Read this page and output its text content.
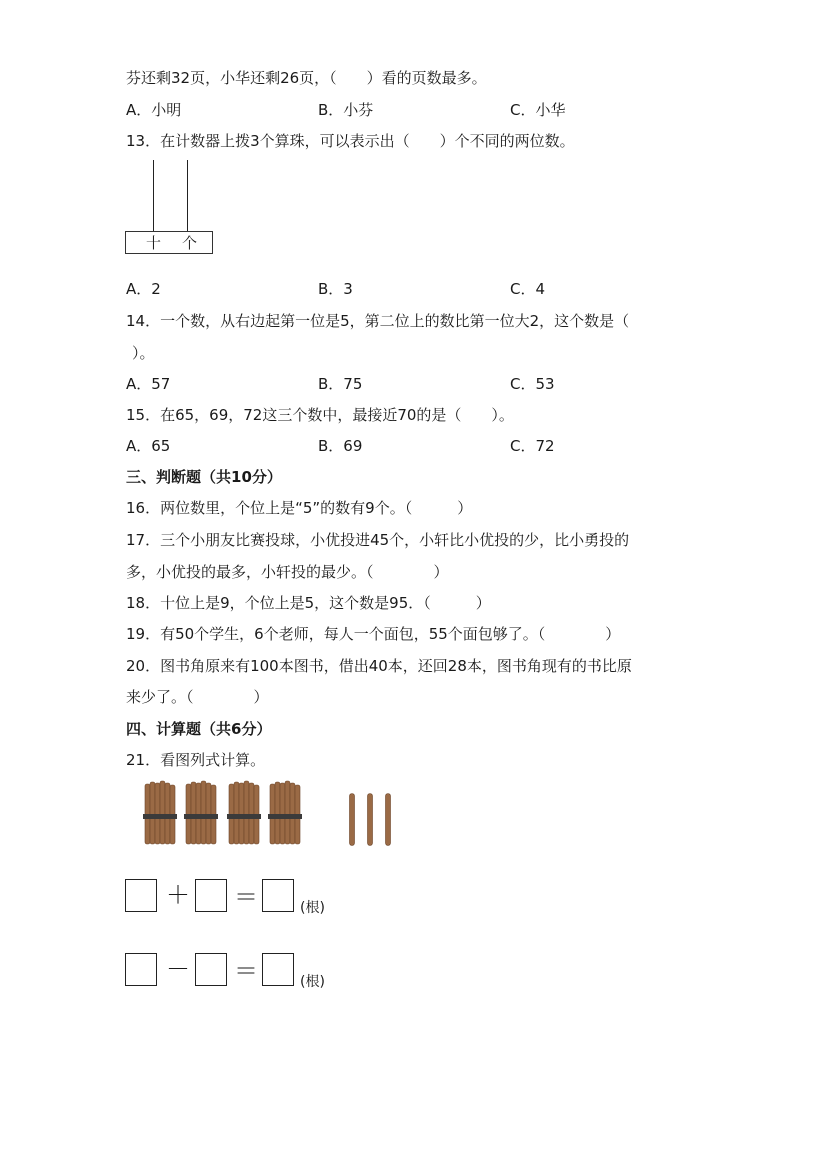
芬还剩32页，小华还剩26页，（　　）看的页数最多。
A．小明	B．小芬	C．小华
13．在计数器上拨3个算珠，可以表示出（　　）个不同的两位数。
十 个
A．2	B．3	C．4
14．一个数，从右边起第一位是5，第二位上的数比第一位大2，这个数是（
）。
A．57	B．75	C．53
15．在65，69，72这三个数中，最接近70的是（　　）。
A．65	B．69	C．72
三、判断题（共10分）
16．两位数里，个位上是“5”的数有9个。（　　　）
17．三个小朋友比赛投球，小优投进45个，小轩比小优投的少，比小勇投的
多，小优投的最多，小轩投的最少。（　　　　）
18．十位上是9，个位上是5，这个数是95．（　　　）
19．有50个学生，6个老师，每人一个面包，55个面包够了。（　　　　）
20．图书角原来有100本图书，借出40本，还回28本，图书角现有的书比原
来少了。（　　　　）
四、计算题（共6分）
21．看图列式计算。
＋ ＝	(根)
－ ＝	(根)
